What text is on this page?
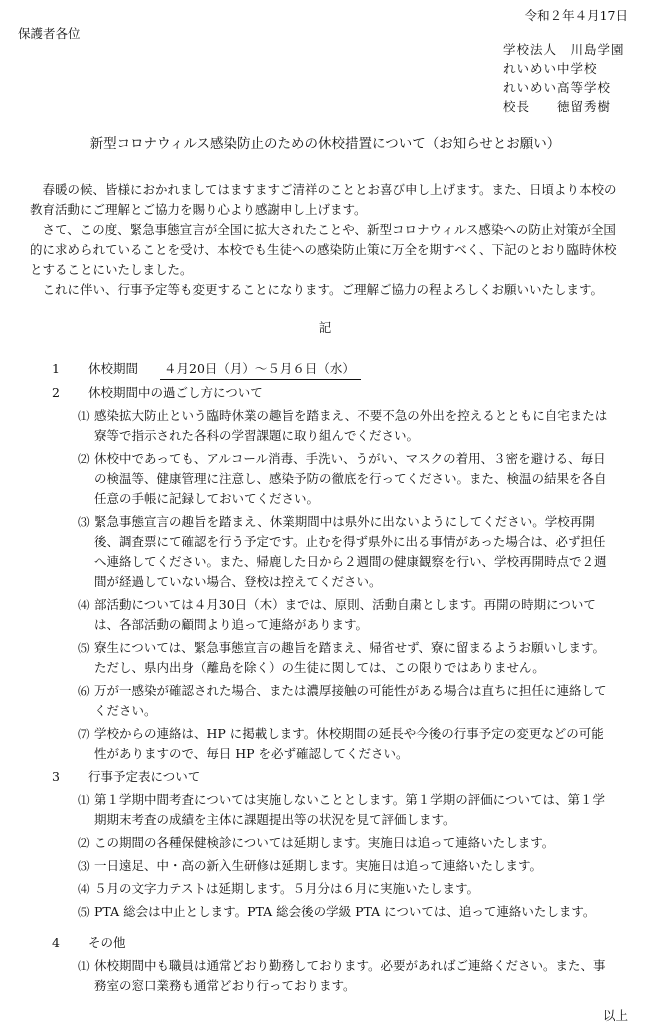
令和２年４月17日
保護者各位
学校法人　川島学園
れいめい中学校
れいめい高等学校
校長　　徳留秀樹
新型コロナウィルス感染防止のための休校措置について（お知らせとお願い）

　春暖の候、皆様におかれましてはますますご清祥のこととお喜び申し上げます。また、日頃より本校の教育活動にご理解とご協力を賜り心より感謝申し上げます。

　さて、この度、緊急事態宣言が全国に拡大されたことや、新型コロナウィルス感染への防止対策が全国的に求められていることを受け、本校でも生徒への感染防止策に万全を期すべく、下記のとおり臨時休校とすることにいたしました。

　これに伴い、行事予定等も変更することになります。ご理解ご協力の程よろしくお願いいたします。

記
1 休校期間 ４月20日（月）～５月６日（水）
2 休校期間中の過ごし方について
⑴ 感染拡大防止という臨時休業の趣旨を踏まえ、不要不急の外出を控えるとともに自宅または寮等で指示された各科の学習課題に取り組んでください。
⑵ 休校中であっても、アルコール消毒、手洗い、うがい、マスクの着用、３密を避ける、毎日の検温等、健康管理に注意し、感染予防の徹底を行ってください。また、検温の結果を各自任意の手帳に記録しておいてください。
⑶ 緊急事態宣言の趣旨を踏まえ、休業期間中は県外に出ないようにしてください。学校再開後、調査票にて確認を行う予定です。止むを得ず県外に出る事情があった場合は、必ず担任へ連絡してください。また、帰鹿した日から２週間の健康観察を行い、学校再開時点で２週間が経過していない場合、登校は控えてください。
⑷ 部活動については４月30日（木）までは、原則、活動自粛とします。再開の時期については、各部活動の顧問より追って連絡があります。
⑸ 寮生については、緊急事態宣言の趣旨を踏まえ、帰省せず、寮に留まるようお願いします。ただし、県内出身（離島を除く）の生徒に関しては、この限りではありません。
⑹ 万が一感染が確認された場合、または濃厚接触の可能性がある場合は直ちに担任に連絡してください。
⑺ 学校からの連絡は、HP に掲載します。休校期間の延長や今後の行事予定の変更などの可能性がありますので、毎日 HP を必ず確認してください。
3 行事予定表について
⑴ 第１学期中間考査については実施しないこととします。第１学期の評価については、第１学期期末考査の成績を主体に課題提出等の状況を見て評価します。
⑵ この期間の各種保健検診については延期します。実施日は追って連絡いたします。
⑶ 一日遠足、中・高の新入生研修は延期します。実施日は追って連絡いたします。
⑷ ５月の文字力テストは延期します。５月分は６月に実施いたします。
⑸ PTA 総会は中止とします。PTA 総会後の学級 PTA については、追って連絡いたします。
4 その他
⑴ 休校期間中も職員は通常どおり勤務しております。必要があればご連絡ください。また、事務室の窓口業務も通常どおり行っております。
以上
